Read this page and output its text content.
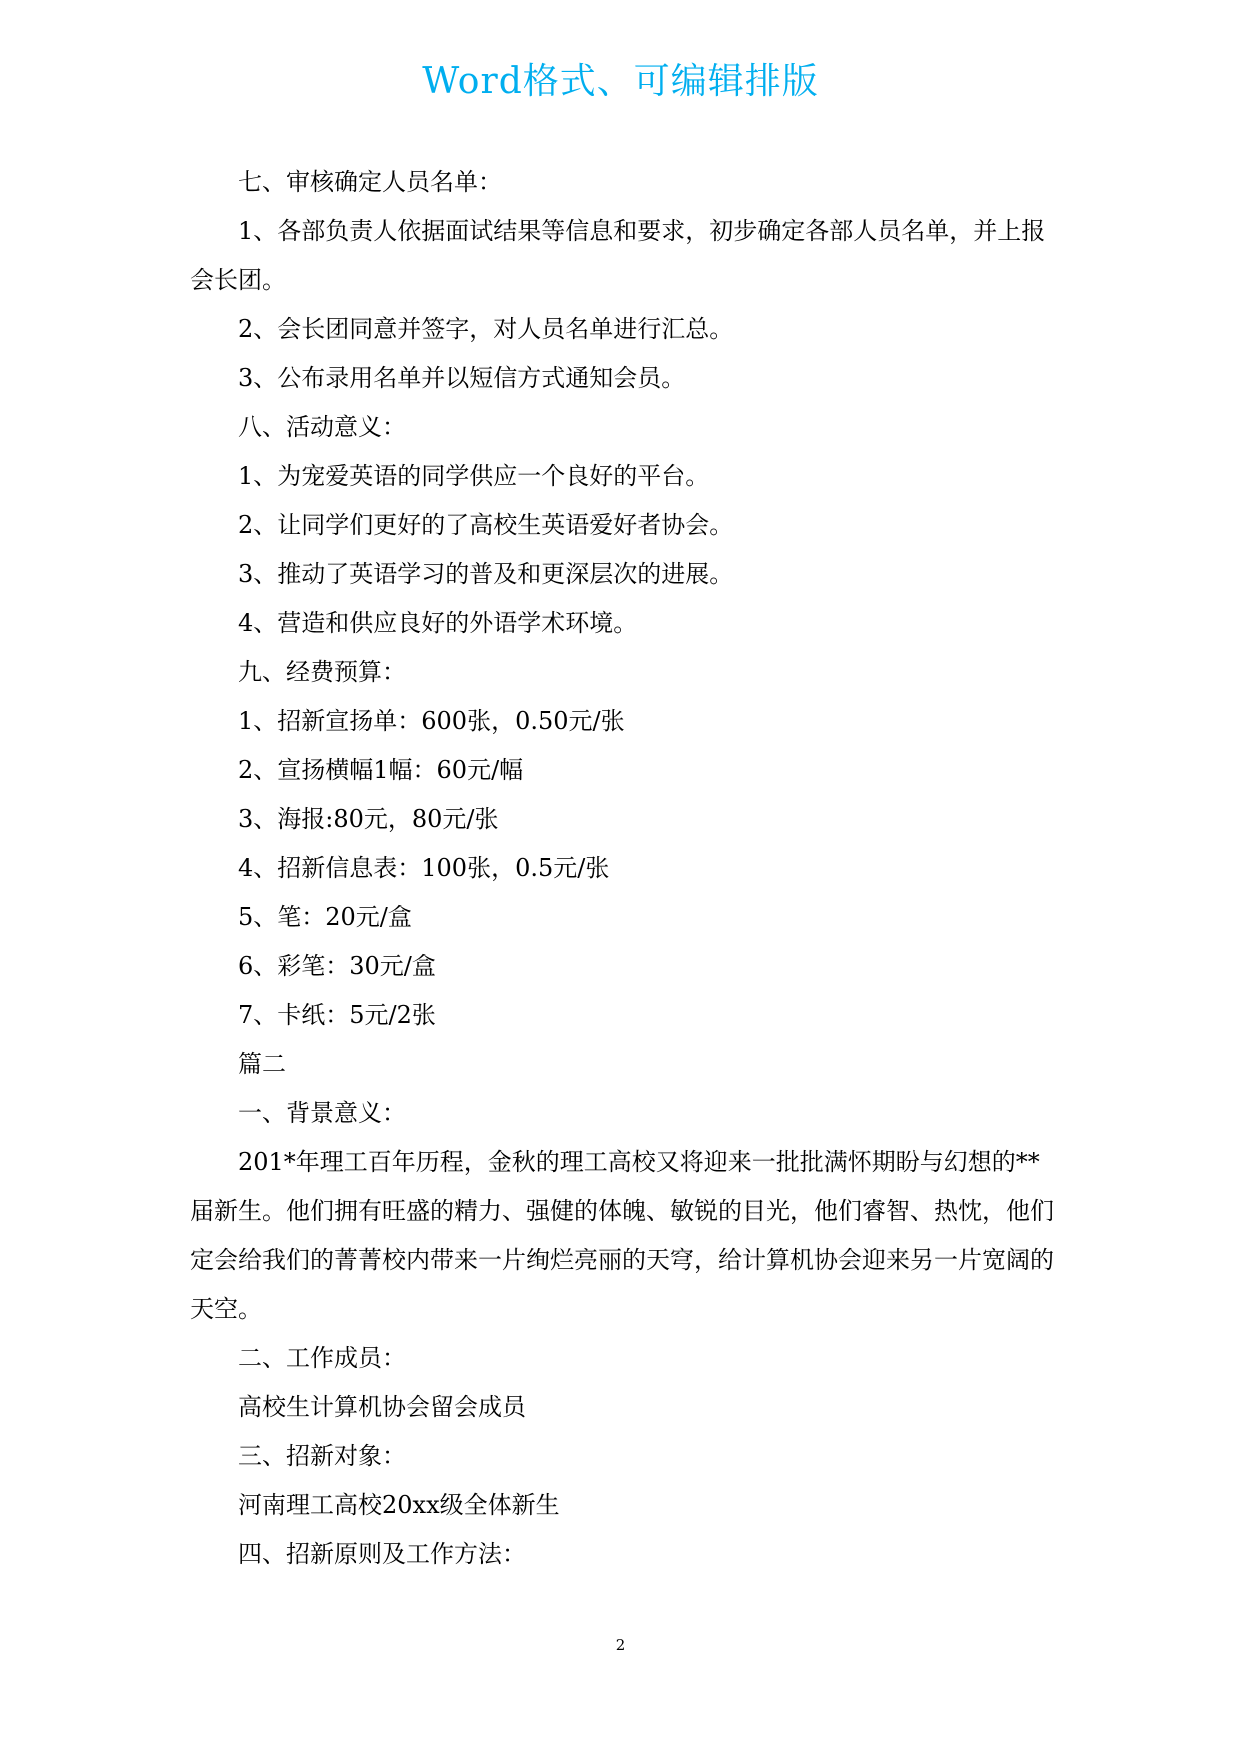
Word格式、可编辑排版

七、审核确定人员名单：

1、各部负责人依据面试结果等信息和要求，初步确定各部人员名单，并上报会长团。

2、会长团同意并签字，对人员名单进行汇总。

3、公布录用名单并以短信方式通知会员。

八、活动意义：

1、为宠爱英语的同学供应一个良好的平台。

2、让同学们更好的了高校生英语爱好者协会。

3、推动了英语学习的普及和更深层次的进展。

4、营造和供应良好的外语学术环境。

九、经费预算：

1、招新宣扬单：600张，0.50元/张

2、宣扬横幅1幅：60元/幅

3、海报:80元，80元/张

4、招新信息表：100张，0.5元/张

5、笔：20元/盒

6、彩笔：30元/盒

7、卡纸：5元/2张

篇二

一、背景意义：

201*年理工百年历程，金秋的理工高校又将迎来一批批满怀期盼与幻想的**届新生。他们拥有旺盛的精力、强健的体魄、敏锐的目光，他们睿智、热忱，他们定会给我们的菁菁校内带来一片绚烂亮丽的天穹，给计算机协会迎来另一片宽阔的天空。

二、工作成员：

高校生计算机协会留会成员

三、招新对象：

河南理工高校20xx级全体新生

四、招新原则及工作方法：

2
